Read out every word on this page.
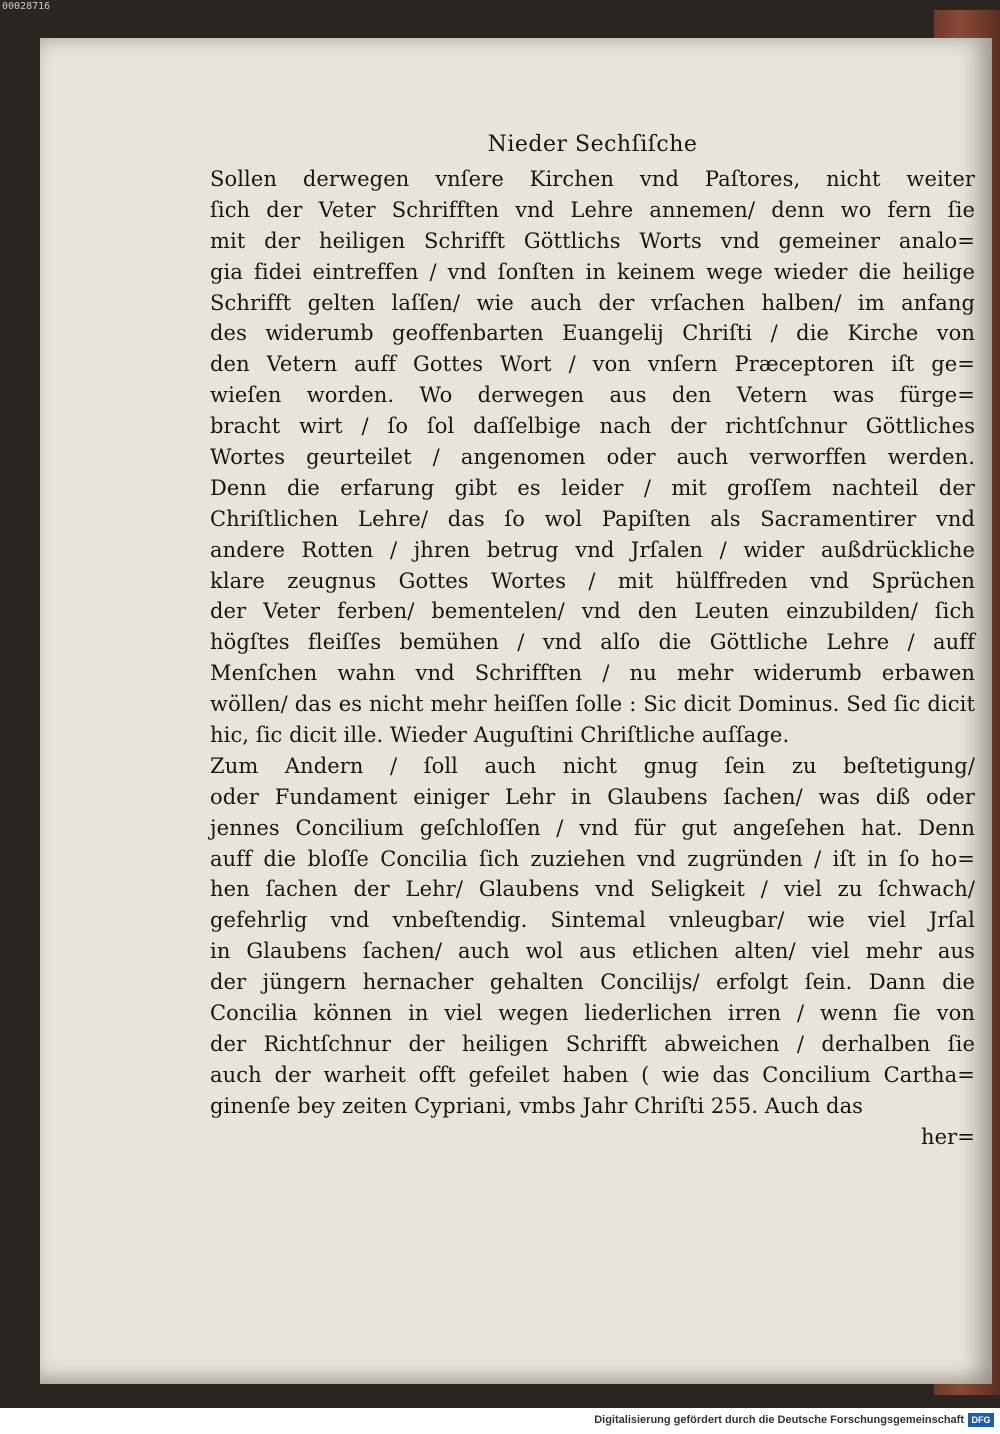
00028716
Nieder Sechſiſche
Sollen derwegen vnſere Kirchen vnd Paſtores, nicht weiter
ſich der Veter Schrifften vnd Lehre annemen/ denn wo fern ſie
mit der heiligen Schrifft Göttlichs Worts vnd gemeiner analo=
gia fidei eintreffen / vnd ſonſten in keinem wege wieder die heilige
Schrifft gelten laſſen/ wie auch der vrſachen halben/ im anfang
des widerumb geoffenbarten Euangelij Chriſti / die Kirche von
den Vetern auff Gottes Wort / von vnſern Præceptoren iſt ge=
wieſen worden. Wo derwegen aus den Vetern was fürge=
bracht wirt / ſo ſol daſſelbige nach der richtſchnur Göttliches
Wortes geurteilet / angenomen oder auch verworffen werden.
Denn die erfarung gibt es leider / mit groſſem nachteil der
Chriſtlichen Lehre/ das ſo wol Papiſten als Sacramentirer vnd
andere Rotten / jhren betrug vnd Jrſalen / wider außdrückliche
klare zeugnus Gottes Wortes / mit hülffreden vnd Sprüchen
der Veter ferben/ bementelen/ vnd den Leuten einzubilden/ ſich
högſtes fleiſſes bemühen / vnd alſo die Göttliche Lehre / auff
Menſchen wahn vnd Schrifften / nu mehr widerumb erbawen
wöllen/ das es nicht mehr heiſſen ſolle : Sic dicit Dominus. Sed ſic dicit
hic, ſic dicit ille. Wieder Auguſtini Chriſtliche auſſage.
Zum Andern / ſoll auch nicht gnug ſein zu beſtetigung/
oder Fundament einiger Lehr in Glaubens ſachen/ was diß oder
jennes Concilium geſchloſſen / vnd für gut angeſehen hat. Denn
auff die bloſſe Concilia ſich zuziehen vnd zugründen / iſt in ſo ho=
hen ſachen der Lehr/ Glaubens vnd Seligkeit / viel zu ſchwach/
gefehrlig vnd vnbeſtendig. Sintemal vnleugbar/ wie viel Jrſal
in Glaubens ſachen/ auch wol aus etlichen alten/ viel mehr aus
der jüngern hernacher gehalten Concilijs/ erfolgt ſein. Dann die
Concilia können in viel wegen liederlichen irren / wenn ſie von
der Richtſchnur der heiligen Schrifft abweichen / derhalben ſie
auch der warheit offt gefeilet haben ( wie das Concilium Cartha=
ginenſe bey zeiten Cypriani, vmbs Jahr Chriſti 255. Auch das
her=
Digitalisierung gefördert durch die Deutsche Forschungsgemeinschaft DFG
